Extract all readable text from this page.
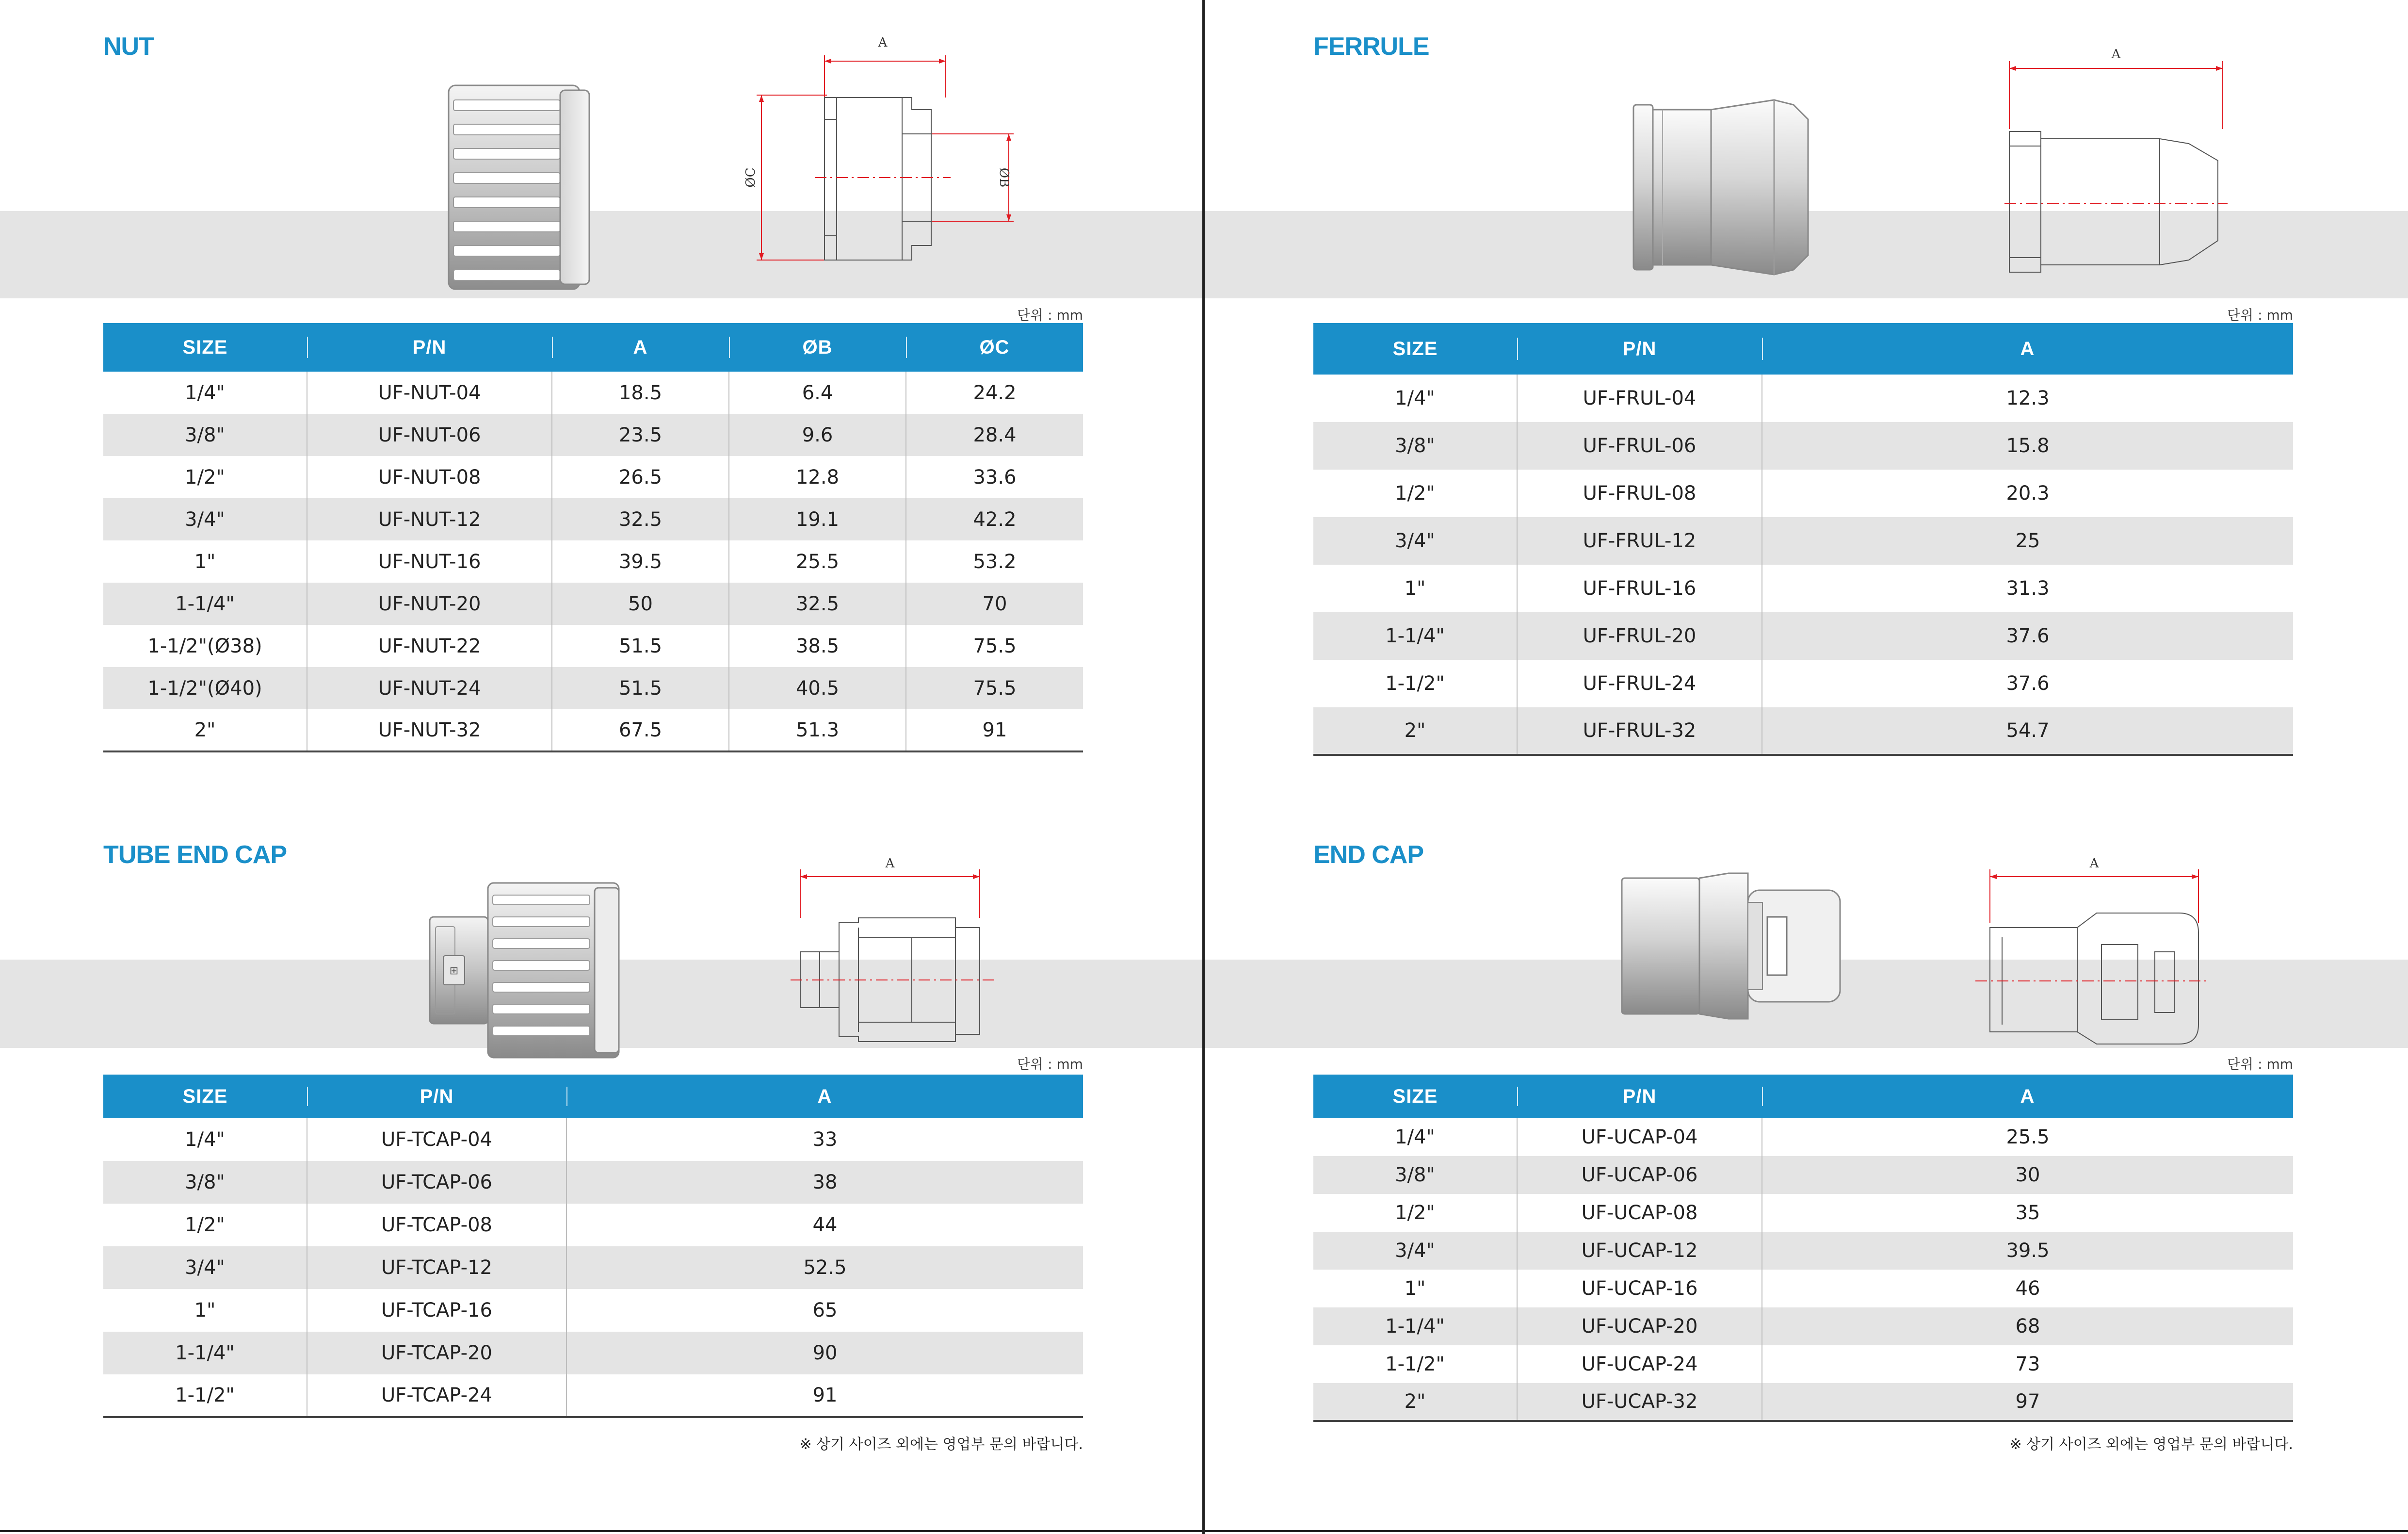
NUT	A
ØC	ØB
단위 : mm
SIZE	P/N	A	ØB	ØC
1/4"	UF-NUT-04	18.5	6.4	24.2
3/8"	UF-NUT-06	23.5	9.6	28.4
1/2"	UF-NUT-08	26.5	12.8	33.6
3/4"	UF-NUT-12	32.5	19.1	42.2
1"	UF-NUT-16	39.5	25.5	53.2
1-1/4"	UF-NUT-20	50	32.5	70
1-1/2"(Ø38)	UF-NUT-22	51.5	38.5	75.5
1-1/2"(Ø40)	UF-NUT-24	51.5	40.5	75.5
2"	UF-NUT-32	67.5	51.3	91
FERRULE	A
단위 : mm
SIZE	P/N	A
1/4"	UF-FRUL-04	12.3
3/8"	UF-FRUL-06	15.8
1/2"	UF-FRUL-08	20.3
3/4"	UF-FRUL-12	25
1"	UF-FRUL-16	31.3
1-1/4"	UF-FRUL-20	37.6
1-1/2"	UF-FRUL-24	37.6
2"	UF-FRUL-32	54.7
TUBE END CAP
⊞
A
단위 : mm
SIZE	P/N	A
1/4"	UF-TCAP-04	33
3/8"	UF-TCAP-06	38
1/2"	UF-TCAP-08	44
3/4"	UF-TCAP-12	52.5
1"	UF-TCAP-16	65
1-1/4"	UF-TCAP-20	90
1-1/2"	UF-TCAP-24	91
※ 상기 사이즈 외에는 영업부 문의 바랍니다.
END CAP	A
단위 : mm
SIZE	P/N	A
1/4"	UF-UCAP-04	25.5
3/8"	UF-UCAP-06	30
1/2"	UF-UCAP-08	35
3/4"	UF-UCAP-12	39.5
1"	UF-UCAP-16	46
1-1/4"	UF-UCAP-20	68
1-1/2"	UF-UCAP-24	73
2"	UF-UCAP-32	97
※ 상기 사이즈 외에는 영업부 문의 바랍니다.
